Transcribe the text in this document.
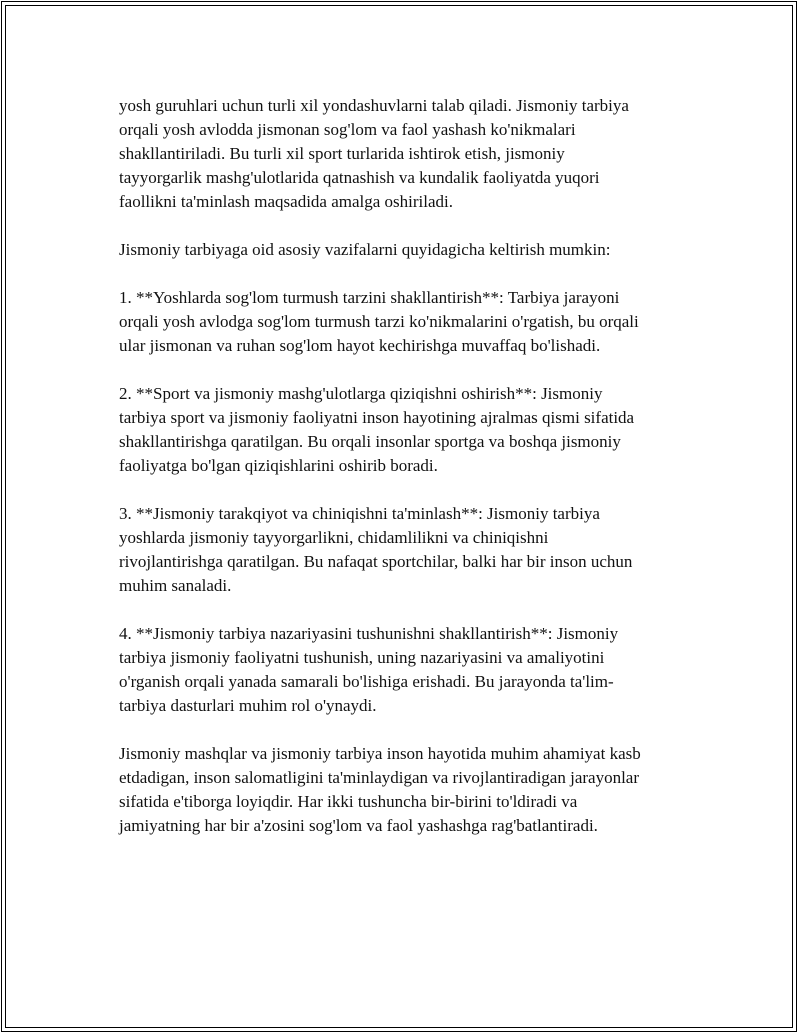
yosh guruhlari uchun turli xil yondashuvlarni talab qiladi. Jismoniy tarbiya
orqali yosh avlodda jismonan sog'lom va faol yashash ko'nikmalari
shakllantiriladi. Bu turli xil sport turlarida ishtirok etish, jismoniy
tayyorgarlik mashg'ulotlarida qatnashish va kundalik faoliyatda yuqori
faollikni ta'minlash maqsadida amalga oshiriladi.

Jismoniy tarbiyaga oid asosiy vazifalarni quyidagicha keltirish mumkin:

1. **Yoshlarda sog'lom turmush tarzini shakllantirish**: Tarbiya jarayoni
orqali yosh avlodga sog'lom turmush tarzi ko'nikmalarini o'rgatish, bu orqali
ular jismonan va ruhan sog'lom hayot kechirishga muvaffaq bo'lishadi.

2. **Sport va jismoniy mashg'ulotlarga qiziqishni oshirish**: Jismoniy
tarbiya sport va jismoniy faoliyatni inson hayotining ajralmas qismi sifatida
shakllantirishga qaratilgan. Bu orqali insonlar sportga va boshqa jismoniy
faoliyatga bo'lgan qiziqishlarini oshirib boradi.

3. **Jismoniy tarakqiyot va chiniqishni ta'minlash**: Jismoniy tarbiya
yoshlarda jismoniy tayyorgarlikni, chidamlilikni va chiniqishni
rivojlantirishga qaratilgan. Bu nafaqat sportchilar, balki har bir inson uchun
muhim sanaladi.

4. **Jismoniy tarbiya nazariyasini tushunishni shakllantirish**: Jismoniy
tarbiya jismoniy faoliyatni tushunish, uning nazariyasini va amaliyotini
o'rganish orqali yanada samarali bo'lishiga erishadi. Bu jarayonda ta'lim-
tarbiya dasturlari muhim rol o'ynaydi.

Jismoniy mashqlar va jismoniy tarbiya inson hayotida muhim ahamiyat kasb
etdadigan, inson salomatligini ta'minlaydigan va rivojlantiradigan jarayonlar
sifatida e'tiborga loyiqdir. Har ikki tushuncha bir-birini to'ldiradi va
jamiyatning har bir a'zosini sog'lom va faol yashashga rag'batlantiradi.
